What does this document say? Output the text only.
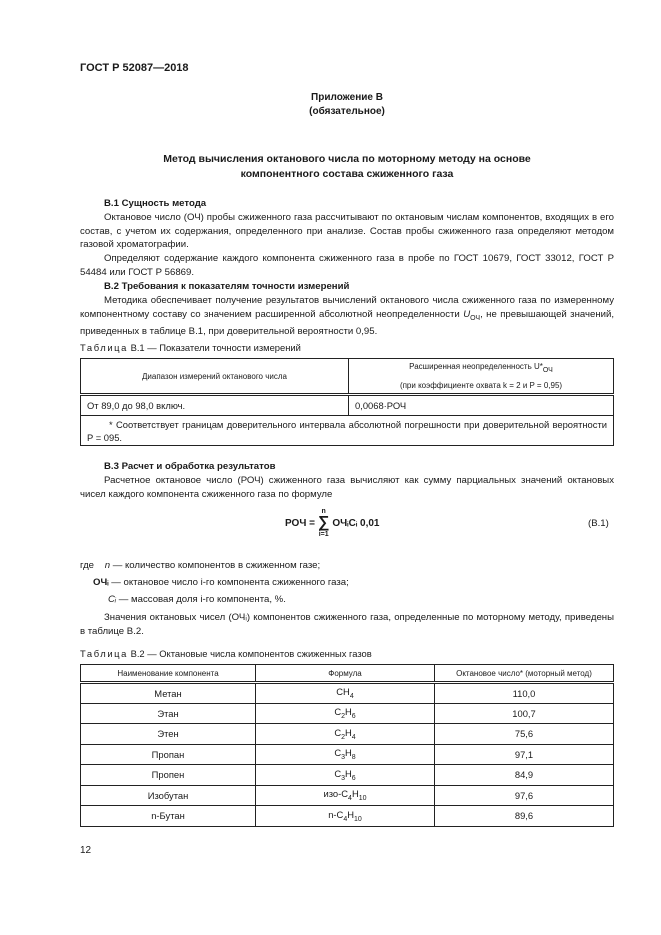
ГОСТ Р 52087—2018
Приложение В
(обязательное)
Метод вычисления октанового числа по моторному методу на основе
компонентного состава сжиженного газа
В.1 Сущность метода
Октановое число (ОЧ) пробы сжиженного газа рассчитывают по октановым числам компонентов, входящих в его состав, с учетом их содержания, определенного при анализе. Состав пробы сжиженного газа определяют методом газовой хроматографии.
Определяют содержание каждого компонента сжиженного газа в пробе по ГОСТ 10679, ГОСТ 33012, ГОСТ Р 54484 или ГОСТ Р 56869.
В.2 Требования к показателям точности измерений
Методика обеспечивает получение результатов вычислений октанового числа сжиженного газа по измеренному компонентному составу со значением расширенной абсолютной неопределенности $U_{ОЧ}$, не превышающей значений, приведенных в таблице В.1, при доверительной вероятности 0,95.
Таблица В.1 — Показатели точности измерений
Диапазон измерений октанового числа	Расширенная неопределенность $U*_{ОЧ}$
(при коэффициенте охвата k = 2 и P = 0,95)
От 89,0 до 98,0 включ.	0,0068·РОЧ
* Соответствует границам доверительного интервала абсолютной погрешности при доверительной вероятности P = 095.	
В.3 Расчет и обработка результатов
Расчетное октановое число (РОЧ) сжиженного газа вычисляют как сумму парциальных значений октановых чисел каждого компонента сжиженного газа по формуле
РОЧ =
n
∑
i=1
ОЧᵢCᵢ 0,01	(В.1)
где n — количество компонентов в сжиженном газе;
ОЧᵢ — октановое число i-го компонента сжиженного газа;
Cᵢ — массовая доля i-го компонента, %.
Значения октановых чисел (ОЧᵢ) компонентов сжиженного газа, определенные по моторному методу, приведены в таблице В.2.
Таблица В.2 — Октановые числа компонентов сжиженных газов
Наименование компонента	Формула	Октановое число* (моторный метод)
Метан	$CH_4$	110,0
Этан	$C_2H_6$	100,7
Этен	$C_2H_4$	75,6
Пропан	$C_3H_8$	97,1
Пропен	$C_3H_6$	84,9
Изобутан	изо-$C_4H_{10}$	97,6
n-Бутан	$n-C_4H_{10}$	89,6
12
